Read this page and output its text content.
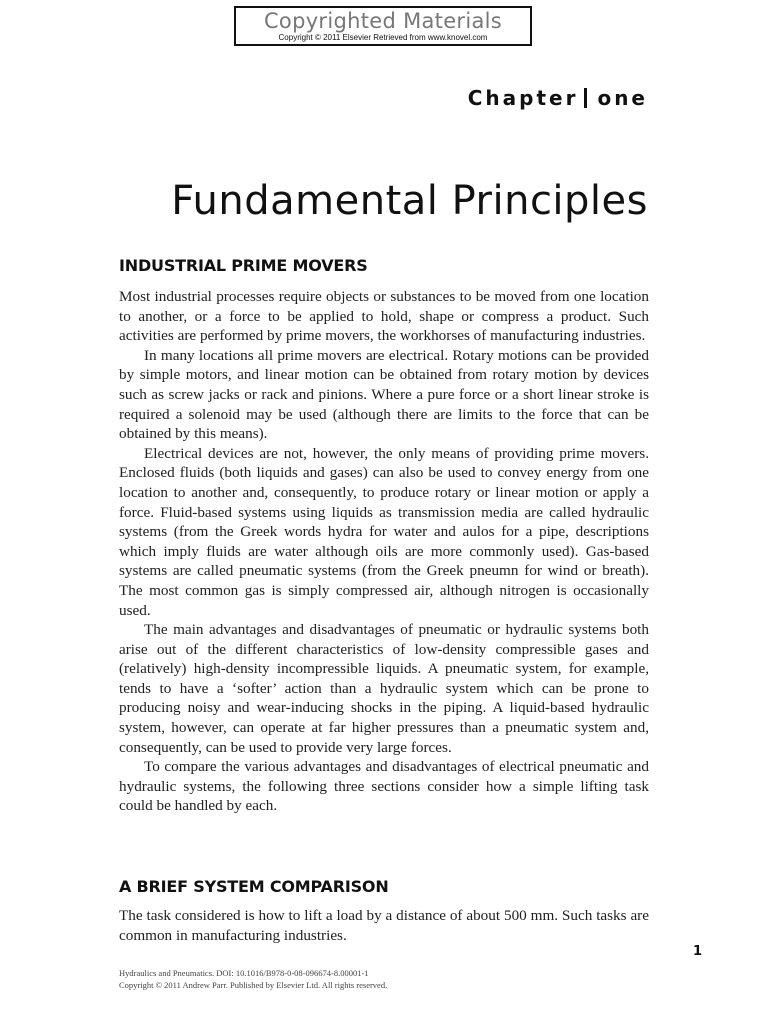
Copyrighted Materials
Copyright © 2011 Elsevier Retrieved from www.knovel.com
Chapter one
Fundamental Principles
INDUSTRIAL PRIME MOVERS

Most industrial processes require objects or substances to be moved from one location to another, or a force to be applied to hold, shape or compress a product. Such activities are performed by prime movers, the workhorses of manufacturing industries.

In many locations all prime movers are electrical. Rotary motions can be provided by simple motors, and linear motion can be obtained from rotary motion by devices such as screw jacks or rack and pinions. Where a pure force or a short linear stroke is required a solenoid may be used (although there are limits to the force that can be obtained by this means).

Electrical devices are not, however, the only means of providing prime movers. Enclosed fluids (both liquids and gases) can also be used to convey energy from one location to another and, consequently, to produce rotary or linear motion or apply a force. Fluid-based systems using liquids as transmission media are called hydraulic systems (from the Greek words hydra for water and aulos for a pipe, descriptions which imply fluids are water although oils are more commonly used). Gas-based systems are called pneumatic systems (from the Greek pneumn for wind or breath). The most common gas is simply compressed air, although nitrogen is occasionally used.

The main advantages and disadvantages of pneumatic or hydraulic systems both arise out of the different characteristics of low-density compressible gases and (relatively) high-density incompressible liquids. A pneumatic system, for example, tends to have a ‘softer’ action than a hydraulic system which can be prone to producing noisy and wear-inducing shocks in the piping. A liquid-based hydraulic system, however, can operate at far higher pressures than a pneumatic system and, consequently, can be used to provide very large forces.

To compare the various advantages and disadvantages of electrical pneumatic and hydraulic systems, the following three sections consider how a simple lifting task could be handled by each.

A BRIEF SYSTEM COMPARISON

The task considered is how to lift a load by a distance of about 500 mm. Such tasks are common in manufacturing industries.

1
Hydraulics and Pneumatics. DOI: 10.1016/B978-0-08-096674-8.00001-1
Copyright © 2011 Andrew Parr. Published by Elsevier Ltd. All rights reserved.
